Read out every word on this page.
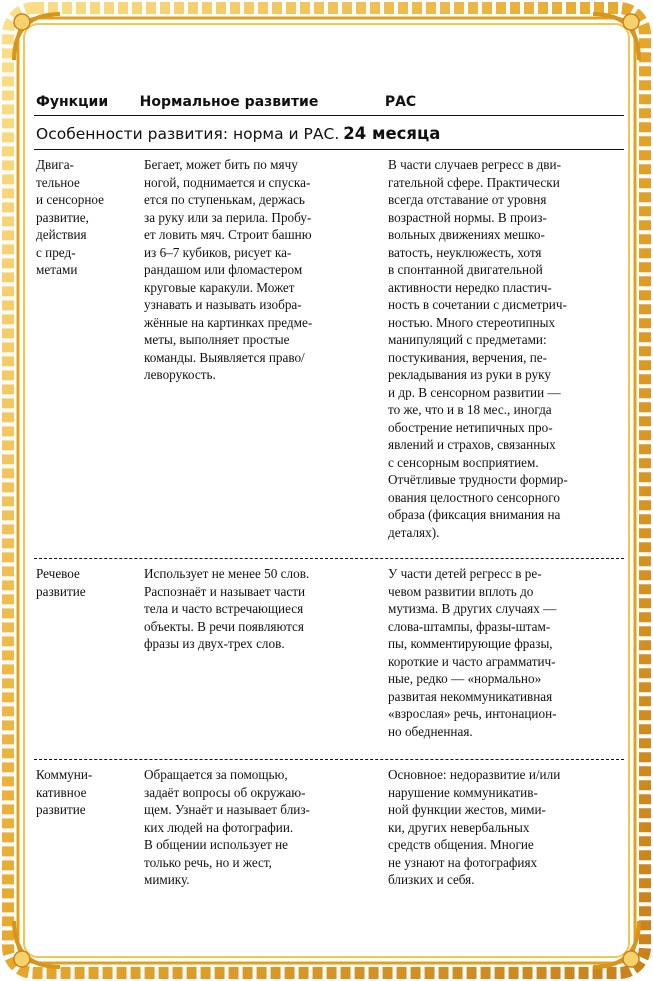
Функции	Нормальное развитие	РАС
Особенности развития: норма и РАС. 24 месяца
Двига-
тельное
и сенсорное
развитие,
действия
с пред-
метами
Бегает, может бить по мячу
ногой, поднимается и спуска-
ется по ступенькам, держась
за руку или за перила. Пробу-
ет ловить мяч. Строит башню
из 6–7 кубиков, рисует ка-
рандашом или фломастером
круговые каракули. Может
узнавать и называть изобра-
жённые на картинках предме-
меты, выполняет простые
команды. Выявляется право/
леворукость.
В части случаев регресс в дви-
гательной сфере. Практически
всегда отставание от уровня
возрастной нормы. В произ-
вольных движениях мешко-
ватость, неуклюжесть, хотя
в спонтанной двигательной
активности нередко пластич-
ность в сочетании с дисметрич-
ностью. Много стереотипных
манипуляций с предметами:
постукивания, верчения, пе-
рекладывания из руки в руку
и др. В сенсорном развитии —
то же, что и в 18 мес., иногда
обострение нетипичных про-
явлений и страхов, связанных
с сенсорным восприятием.
Отчётливые трудности формир-
ования целостного сенсорного
образа (фиксация внимания на
деталях).
Речевое
развитие
Использует не менее 50 слов.
Распознаёт и называет части
тела и часто встречающиеся
объекты. В речи появляются
фразы из двух-трех слов.
У части детей регресс в ре-
чевом развитии вплоть до
мутизма. В других случаях —
слова-штампы, фразы-штам-
пы, комментирующие фразы,
короткие и часто аграмматич-
ные, редко — «нормально»
развитая некоммуникативная
«взрослая» речь, интонацион-
но обедненная.
Коммуни-
кативное
развитие
Обращается за помощью,
задаёт вопросы об окружаю-
щем. Узнаёт и называет близ-
ких людей на фотографии.
В общении использует не
только речь, но и жест,
мимику.
Основное: недоразвитие и/или
нарушение коммуникатив-
ной функции жестов, мими-
ки, других невербальных
средств общения. Многие
не узнают на фотографиях
близких и себя.
